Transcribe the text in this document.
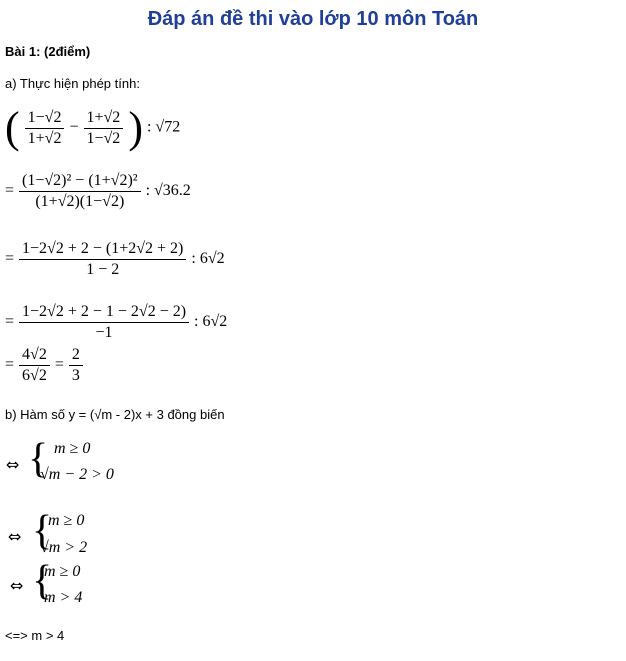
Đáp án đề thi vào lớp 10 môn Toán
Bài 1: (2điểm)
a) Thực hiện phép tính:
( $\frac{1-√2}{1+√2} - \frac{1+√2}{1-√2}$ ) : √72
= $\frac{\text{(1−√2)² − (1+√2)²}}{(1+√2)(1-√2)}$ : √36.2
= $\frac{1-2√2 + 2 - (1+2√2 + 2)}{1 - 2}$ : 6√2
= $\frac{1-2√2 + 2 - 1 - 2√2 - 2)}{-1}$ : 6√2
= $\frac{4√2}{6√2} = \frac{2}{3}$
b) Hàm số y = (√m - 2)x + 3 đồng biến
⇔ { m ≥ 0
√m − 2 > 0
⇔ {
m ≥ 0
√m > 2
⇔ {
m ≥ 0
m > 4
<=> m > 4
